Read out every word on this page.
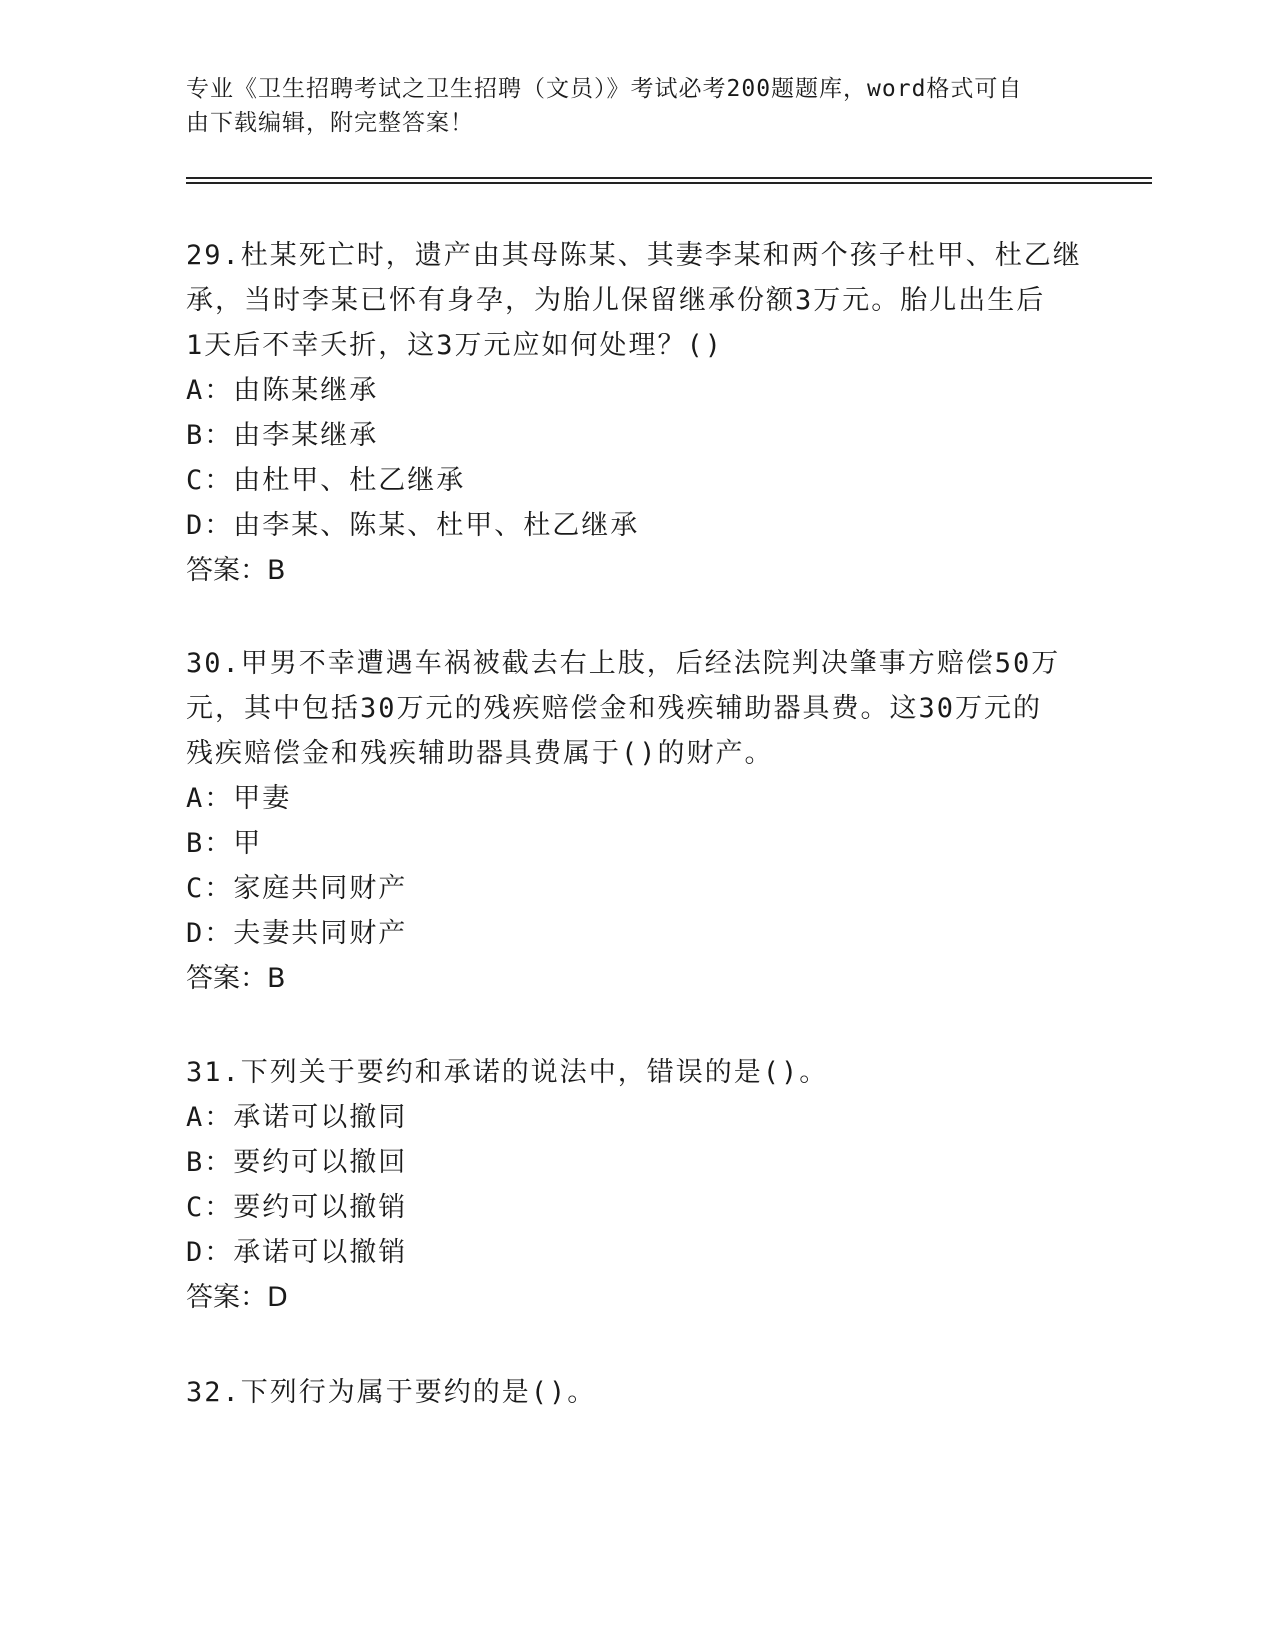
专业《卫生招聘考试之卫生招聘（文员）》考试必考200题题库，word格式可自
由下载编辑，附完整答案！

29.杜某死亡时，遗产由其母陈某、其妻李某和两个孩子杜甲、杜乙继

承，当时李某已怀有身孕，为胎儿保留继承份额3万元。胎儿出生后

1天后不幸夭折，这3万元应如何处理？()

A：由陈某继承

B：由李某继承

C：由杜甲、杜乙继承

D：由李某、陈某、杜甲、杜乙继承

答案：B

30.甲男不幸遭遇车祸被截去右上肢，后经法院判决肇事方赔偿50万

元，其中包括30万元的残疾赔偿金和残疾辅助器具费。这30万元的

残疾赔偿金和残疾辅助器具费属于()的财产。

A：甲妻

B：甲

C：家庭共同财产

D：夫妻共同财产

答案：B

31.下列关于要约和承诺的说法中，错误的是()。

A：承诺可以撤同

B：要约可以撤回

C：要约可以撤销

D：承诺可以撤销

答案：D

32.下列行为属于要约的是()。
